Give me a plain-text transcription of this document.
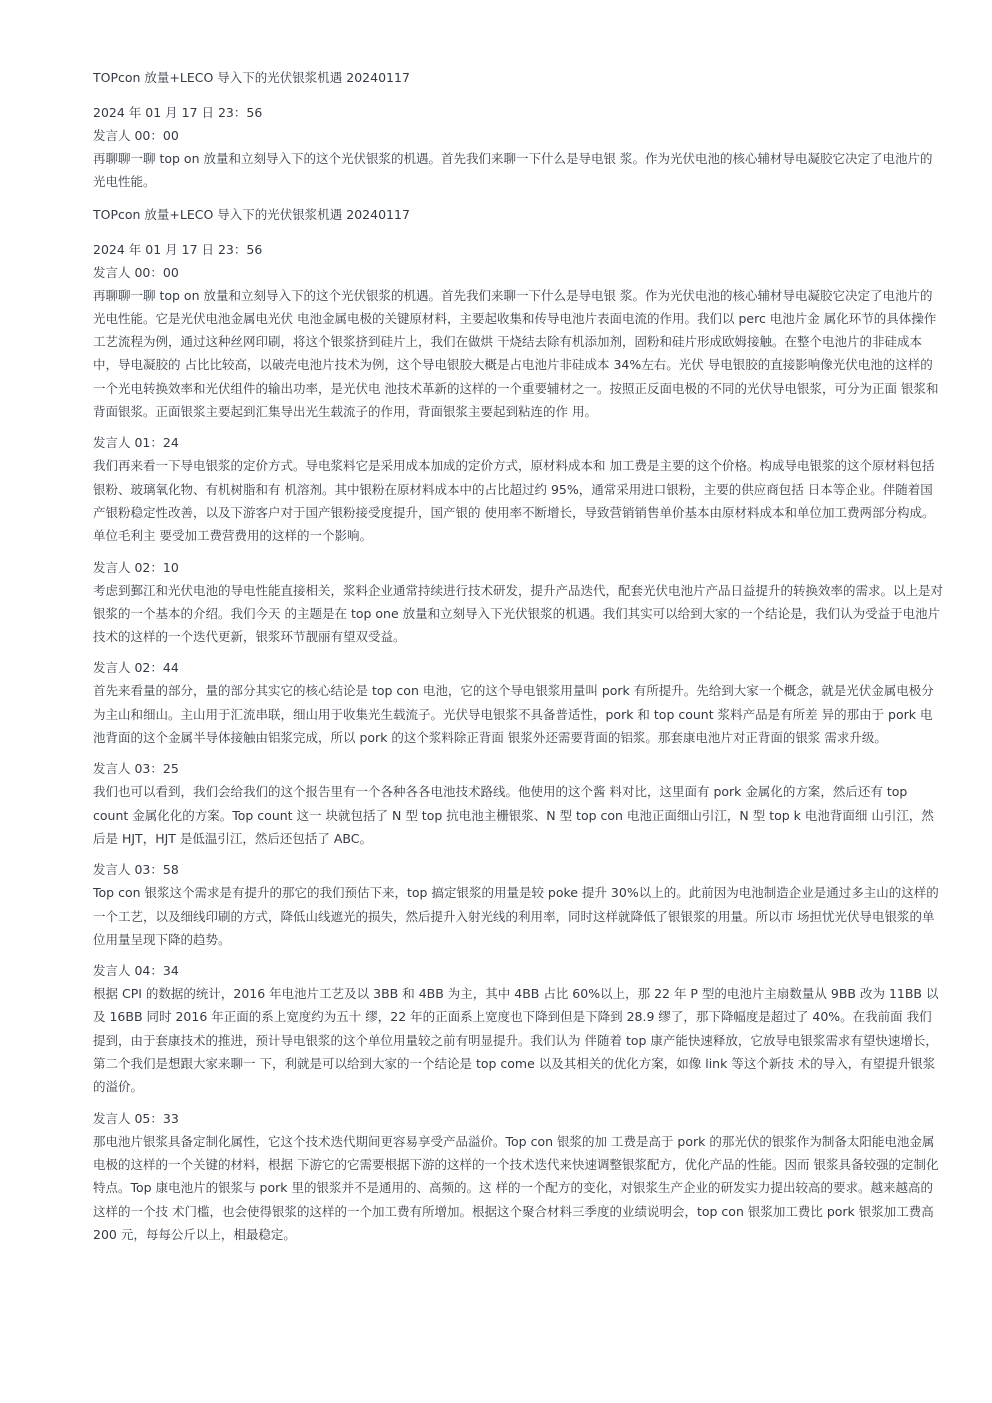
TOPcon 放量+LECO 导入下的光伏银浆机遇 20240117
2024 年 01 月 17 日 23：56
发言人 00：00
再聊聊一聊 top on 放量和立刻导入下的这个光伏银浆的机遇。首先我们来聊一下什么是导电银 浆。作为光伏电池的核心辅材导电凝胶它决定了电池片的光电性能。
TOPcon 放量+LECO 导入下的光伏银浆机遇 20240117
2024 年 01 月 17 日 23：56
发言人 00：00
再聊聊一聊 top on 放量和立刻导入下的这个光伏银浆的机遇。首先我们来聊一下什么是导电银 浆。作为光伏电池的核心辅材导电凝胶它决定了电池片的光电性能。它是光伏电池金属电光伏 电池金属电极的关键原材料，主要起收集和传导电池片表面电流的作用。我们以 perc 电池片金 属化环节的具体操作工艺流程为例，通过这种丝网印刷，将这个银浆挤到硅片上，我们在做烘 干烧结去除有机添加剂，固粉和硅片形成欧姆接触。在整个电池片的非硅成本中，导电凝胶的 占比比较高，以破壳电池片技术为例，这个导电银胶大概是占电池片非硅成本 34%左右。光伏 导电银胶的直接影响像光伏电池的这样的一个光电转换效率和光伏组件的输出功率，是光伏电 池技术革新的这样的一个重要辅材之一。按照正反面电极的不同的光伏导电银浆，可分为正面 银浆和背面银浆。正面银浆主要起到汇集导出光生载流子的作用，背面银浆主要起到粘连的作 用。
发言人 01：24
我们再来看一下导电银浆的定价方式。导电浆料它是采用成本加成的定价方式，原材料成本和 加工费是主要的这个价格。构成导电银浆的这个原材料包括银粉、玻璃氧化物、有机树脂和有 机溶剂。其中银粉在原材料成本中的占比超过约 95%，通常采用进口银粉，主要的供应商包括 日本等企业。伴随着国产银粉稳定性改善，以及下游客户对于国产银粉接受度提升，国产银的 使用率不断增长，导致营销销售单价基本由原材料成本和单位加工费两部分构成。单位毛利主 要受加工费营费用的这样的一个影响。
发言人 02：10
考虑到鄞江和光伏电池的导电性能直接相关，浆料企业通常持续进行技术研发，提升产品迭代，配套光伏电池片产品日益提升的转换效率的需求。以上是对银浆的一个基本的介绍。我们今天 的主题是在 top one 放量和立刻导入下光伏银浆的机遇。我们其实可以给到大家的一个结论是，我们认为受益于电池片技术的这样的一个迭代更新，银浆环节靓丽有望双受益。
发言人 02：44
首先来看量的部分，量的部分其实它的核心结论是 top con 电池，它的这个导电银浆用量叫 pork 有所提升。先给到大家一个概念，就是光伏金属电极分为主山和细山。主山用于汇流串联，细山用于收集光生载流子。光伏导电银浆不具备普适性，pork 和 top count 浆料产品是有所差 异的那由于 pork 电池背面的这个金属半导体接触由铝浆完成，所以 pork 的这个浆料除正背面 银浆外还需要背面的铝浆。那套康电池片对正背面的银浆 需求升级。
发言人 03：25
我们也可以看到，我们会给我们的这个报告里有一个各种各各电池技术路线。他使用的这个酱 料对比，这里面有 pork 金属化的方案，然后还有 top count 金属化化的方案。Top count 这一 块就包括了 N 型 top 抗电池主栅银浆、N 型 top con 电池正面细山引江，N 型 top k 电池背面细 山引江，然后是 HJT，HJT 是低温引江，然后还包括了 ABC。
发言人 03：58
Top con 银浆这个需求是有提升的那它的我们预估下来，top 搞定银浆的用量是较 poke 提升 30%以上的。此前因为电池制造企业是通过多主山的这样的一个工艺，以及细线印刷的方式，降低山线遮光的损失，然后提升入射光线的利用率，同时这样就降低了银银浆的用量。所以市 场担忧光伏导电银浆的单位用量呈现下降的趋势。
发言人 04：34
根据 CPI 的数据的统计，2016 年电池片工艺及以 3BB 和 4BB 为主，其中 4BB 占比 60%以上，那 22 年 P 型的电池片主扇数量从 9BB 改为 11BB 以及 16BB 同时 2016 年正面的系上宽度约为五十 缪，22 年的正面系上宽度也下降到但是下降到 28.9 缪了，那下降幅度是超过了 40%。在我前面 我们提到，由于套康技术的推进，预计导电银浆的这个单位用量较之前有明显提升。我们认为 伴随着 top 康产能快速释放，它放导电银浆需求有望快速增长，第二个我们是想跟大家来聊一 下，利就是可以给到大家的一个结论是 top come 以及其相关的优化方案，如像 link 等这个新技 术的导入，有望提升银浆的溢价。
发言人 05：33
那电池片银浆具备定制化属性，它这个技术迭代期间更容易享受产品溢价。Top con 银浆的加 工费是高于 pork 的那光伏的银浆作为制备太阳能电池金属电极的这样的一个关键的材料，根据 下游它的它需要根据下游的这样的一个技术迭代来快速调整银浆配方，优化产品的性能。因而 银浆具备较强的定制化特点。Top 康电池片的银浆与 pork 里的银浆并不是通用的、高频的。这 样的一个配方的变化，对银浆生产企业的研发实力提出较高的要求。越来越高的这样的一个技 术门槛，也会使得银浆的这样的一个加工费有所增加。根据这个聚合材料三季度的业绩说明会，top con 银浆加工费比 pork 银浆加工费高 200 元，每每公斤以上，相最稳定。
